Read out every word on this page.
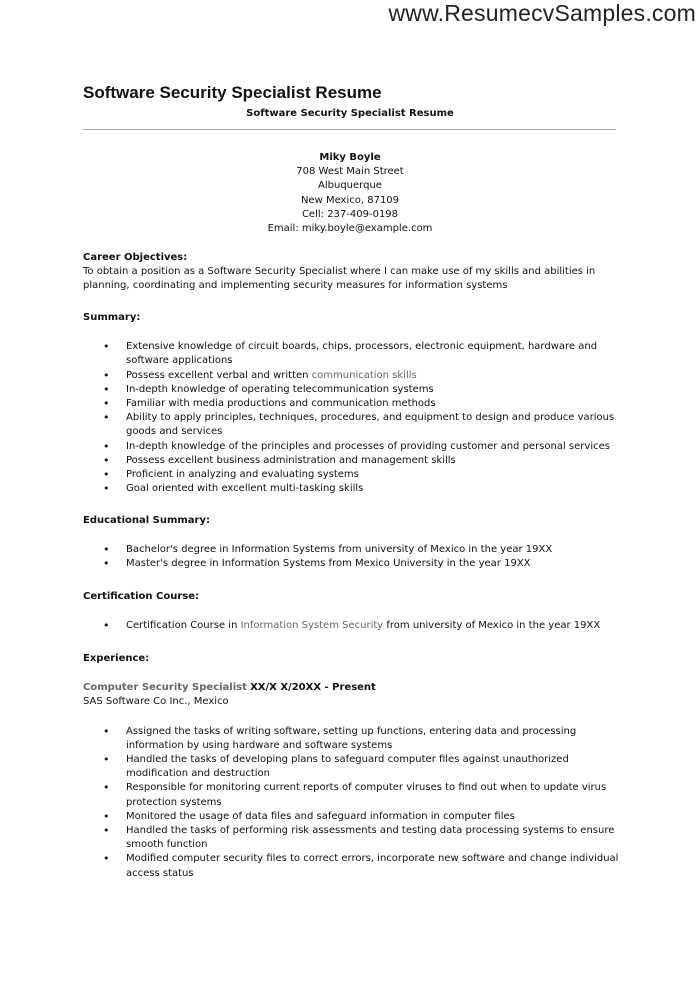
www.ResumecvSamples.com
Software Security Specialist Resume
Software Security Specialist Resume
Miky Boyle
708 West Main Street
Albuquerque
New Mexico, 87109
Cell: 237-409-0198
Email: miky.boyle@example.com
Career Objectives:
To obtain a position as a Software Security Specialist where I can make use of my skills and abilities in planning, coordinating and implementing security measures for information systems
Summary:
• Extensive knowledge of circuit boards, chips, processors, electronic equipment, hardware and software applications
• Possess excellent verbal and written communication skills
• In-depth knowledge of operating telecommunication systems
• Familiar with media productions and communication methods
• Ability to apply principles, techniques, procedures, and equipment to design and produce various goods and services
• In-depth knowledge of the principles and processes of providing customer and personal services
• Possess excellent business administration and management skills
• Proficient in analyzing and evaluating systems
• Goal oriented with excellent multi-tasking skills
Educational Summary:
• Bachelor's degree in Information Systems from university of Mexico in the year 19XX
• Master's degree in Information Systems from Mexico University in the year 19XX
Certification Course:
• Certification Course in Information System Security from university of Mexico in the year 19XX
Experience:
Computer Security Specialist XX/X X/20XX - Present
SAS Software Co Inc., Mexico
• Assigned the tasks of writing software, setting up functions, entering data and processing information by using hardware and software systems
• Handled the tasks of developing plans to safeguard computer files against unauthorized modification and destruction
• Responsible for monitoring current reports of computer viruses to find out when to update virus protection systems
• Monitored the usage of data files and safeguard information in computer files
• Handled the tasks of performing risk assessments and testing data processing systems to ensure smooth function
• Modified computer security files to correct errors, incorporate new software and change individual access status
